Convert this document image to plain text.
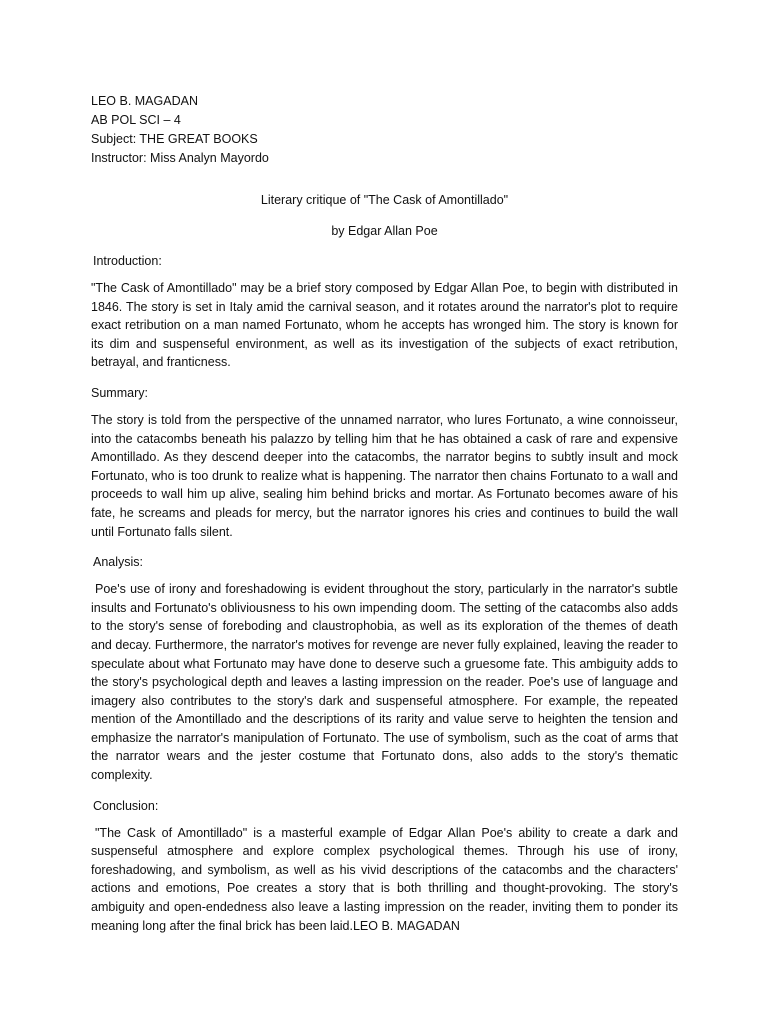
LEO B. MAGADAN

AB POL SCI – 4

Subject: THE GREAT BOOKS

Instructor: Miss Analyn Mayordo

Literary critique of "The Cask of Amontillado"

by Edgar Allan Poe

Introduction:

"The Cask of Amontillado" may be a brief story composed by Edgar Allan Poe, to begin with distributed in 1846. The story is set in Italy amid the carnival season, and it rotates around the narrator's plot to require exact retribution on a man named Fortunato, whom he accepts has wronged him. The story is known for its dim and suspenseful environment, as well as its investigation of the subjects of exact retribution, betrayal, and franticness.

Summary:

The story is told from the perspective of the unnamed narrator, who lures Fortunato, a wine connoisseur, into the catacombs beneath his palazzo by telling him that he has obtained a cask of rare and expensive Amontillado. As they descend deeper into the catacombs, the narrator begins to subtly insult and mock Fortunato, who is too drunk to realize what is happening. The narrator then chains Fortunato to a wall and proceeds to wall him up alive, sealing him behind bricks and mortar. As Fortunato becomes aware of his fate, he screams and pleads for mercy, but the narrator ignores his cries and continues to build the wall until Fortunato falls silent.

Analysis:

Poe's use of irony and foreshadowing is evident throughout the story, particularly in the narrator's subtle insults and Fortunato's obliviousness to his own impending doom. The setting of the catacombs also adds to the story's sense of foreboding and claustrophobia, as well as its exploration of the themes of death and decay. Furthermore, the narrator's motives for revenge are never fully explained, leaving the reader to speculate about what Fortunato may have done to deserve such a gruesome fate. This ambiguity adds to the story's psychological depth and leaves a lasting impression on the reader. Poe's use of language and imagery also contributes to the story's dark and suspenseful atmosphere. For example, the repeated mention of the Amontillado and the descriptions of its rarity and value serve to heighten the tension and emphasize the narrator's manipulation of Fortunato. The use of symbolism, such as the coat of arms that the narrator wears and the jester costume that Fortunato dons, also adds to the story's thematic complexity.

Conclusion:

"The Cask of Amontillado" is a masterful example of Edgar Allan Poe's ability to create a dark and suspenseful atmosphere and explore complex psychological themes. Through his use of irony, foreshadowing, and symbolism, as well as his vivid descriptions of the catacombs and the characters' actions and emotions, Poe creates a story that is both thrilling and thought-provoking. The story's ambiguity and open-endedness also leave a lasting impression on the reader, inviting them to ponder its meaning long after the final brick has been laid.LEO B. MAGADAN
